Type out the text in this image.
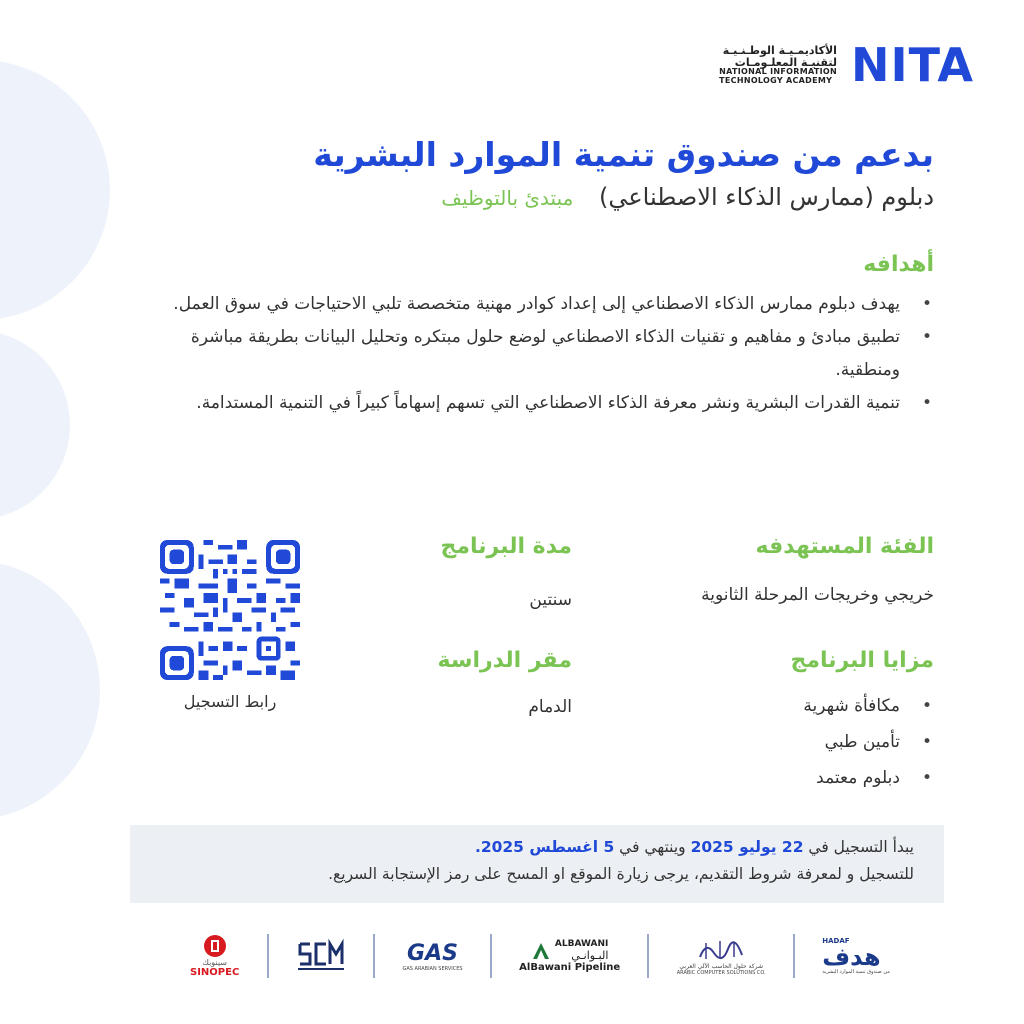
الأكاديمـيـة الوطـنـيـة
لتقنيـة المعلـومـات
NATIONAL INFORMATION
TECHNOLOGY ACADEMY NITA
بدعم من صندوق تنمية الموارد البشرية
دبلوم (ممارس الذكاء الاصطناعي) مبتدئ بالتوظيف
أهدافه
• يهدف دبلوم ممارس الذكاء الاصطناعي إلى إعداد كوادر مهنية متخصصة تلبي الاحتياجات في سوق العمل.
• تطبيق مبادئ و مفاهيم و تقنيات الذكاء الاصطناعي لوضع حلول مبتكره وتحليل البيانات بطريقة مباشرة ومنطقية.
• تنمية القدرات البشرية ونشر معرفة الذكاء الاصطناعي التي تسهم إسهاماً كبيراً في التنمية المستدامة.
الفئة المستهدفه
خريجي وخريجات المرحلة الثانوية
مدة البرنامج
سنتين
مزايا البرنامج
• مكافأة شهرية
• تأمين طبي
• دبلوم معتمد
مقر الدراسة
الدمام
رابط التسجيل

يبدأ التسجيل في 22 يوليو 2025 وينتهي في 5 اغسطس 2025.

للتسجيل و لمعرفة شروط التقديم، يرجى زيارة الموقع او المسح على رمز الإستجابة السريع.

سينوبك
SINOPEC
GAS
GAS ARABIAN SERVICES
ALBAWANI
البـوانـي
AlBawani Pipeline	شركة حلول الحاسب الآلي العربي
ARABIC COMPUTER SOLUTIONS CO.
HADAF
هدف
من صندوق تنمية الموارد البشرية
